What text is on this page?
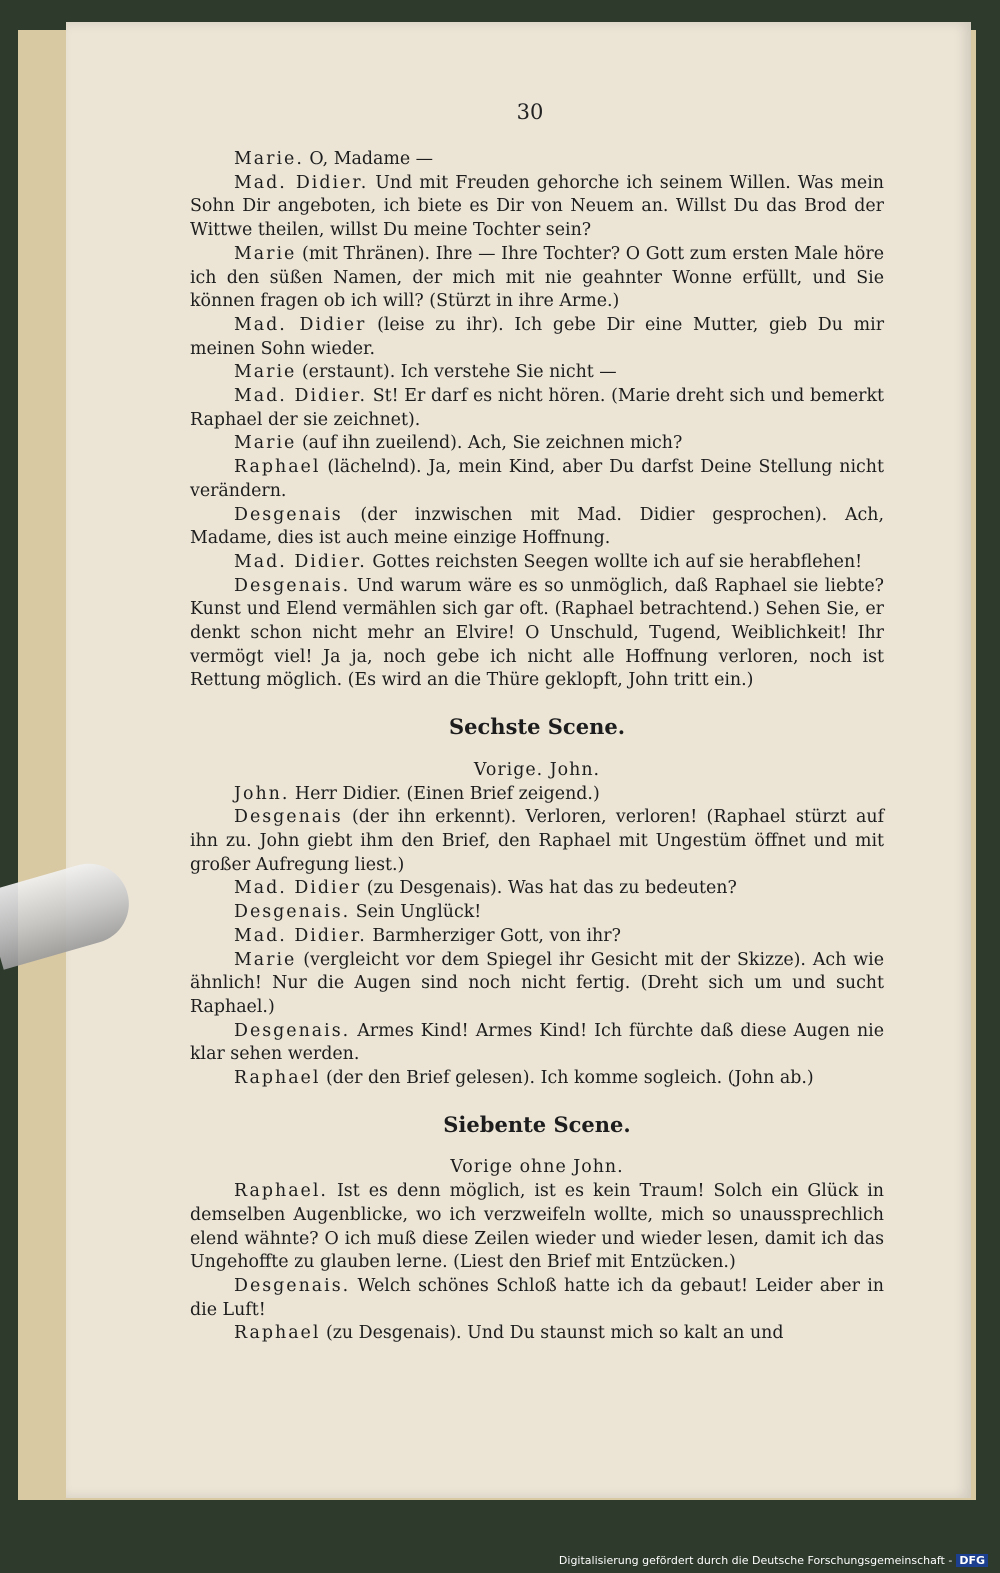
30

Marie. O, Madame —

Mad. Didier. Und mit Freuden gehorche ich seinem Willen. Was mein Sohn Dir angeboten, ich biete es Dir von Neuem an. Willst Du das Brod der Wittwe theilen, willst Du meine Tochter sein?

Marie (mit Thränen). Ihre — Ihre Tochter? O Gott zum ersten Male höre ich den süßen Namen, der mich mit nie geahnter Wonne erfüllt, und Sie können fragen ob ich will? (Stürzt in ihre Arme.)

Mad. Didier (leise zu ihr). Ich gebe Dir eine Mutter, gieb Du mir meinen Sohn wieder.

Marie (erstaunt). Ich verstehe Sie nicht —

Mad. Didier. St! Er darf es nicht hören. (Marie dreht sich und bemerkt Raphael der sie zeichnet).

Marie (auf ihn zueilend). Ach, Sie zeichnen mich?

Raphael (lächelnd). Ja, mein Kind, aber Du darfst Deine Stellung nicht verändern.

Desgenais (der inzwischen mit Mad. Didier gesprochen). Ach, Madame, dies ist auch meine einzige Hoffnung.

Mad. Didier. Gottes reichsten Seegen wollte ich auf sie herabflehen!

Desgenais. Und warum wäre es so unmöglich, daß Raphael sie liebte? Kunst und Elend vermählen sich gar oft. (Raphael betrachtend.) Sehen Sie, er denkt schon nicht mehr an Elvire! O Unschuld, Tugend, Weiblichkeit! Ihr vermögt viel! Ja ja, noch gebe ich nicht alle Hoffnung verloren, noch ist Rettung möglich. (Es wird an die Thüre geklopft, John tritt ein.)

Sechste Scene.

Vorige. John.

John. Herr Didier. (Einen Brief zeigend.)

Desgenais (der ihn erkennt). Verloren, verloren! (Raphael stürzt auf ihn zu. John giebt ihm den Brief, den Raphael mit Ungestüm öffnet und mit großer Aufregung liest.)

Mad. Didier (zu Desgenais). Was hat das zu bedeuten?

Desgenais. Sein Unglück!

Mad. Didier. Barmherziger Gott, von ihr?

Marie (vergleicht vor dem Spiegel ihr Gesicht mit der Skizze). Ach wie ähnlich! Nur die Augen sind noch nicht fertig. (Dreht sich um und sucht Raphael.)

Desgenais. Armes Kind! Armes Kind! Ich fürchte daß diese Augen nie klar sehen werden.

Raphael (der den Brief gelesen). Ich komme sogleich. (John ab.)

Siebente Scene.

Vorige ohne John.

Raphael. Ist es denn möglich, ist es kein Traum! Solch ein Glück in demselben Augenblicke, wo ich verzweifeln wollte, mich so unaussprechlich elend wähnte? O ich muß diese Zeilen wieder und wieder lesen, damit ich das Ungehoffte zu glauben lerne. (Liest den Brief mit Entzücken.)

Desgenais. Welch schönes Schloß hatte ich da gebaut! Leider aber in die Luft!

Raphael (zu Desgenais). Und Du staunst mich so kalt an und

Digitalisierung gefördert durch die Deutsche Forschungsgemeinschaft - DFG
